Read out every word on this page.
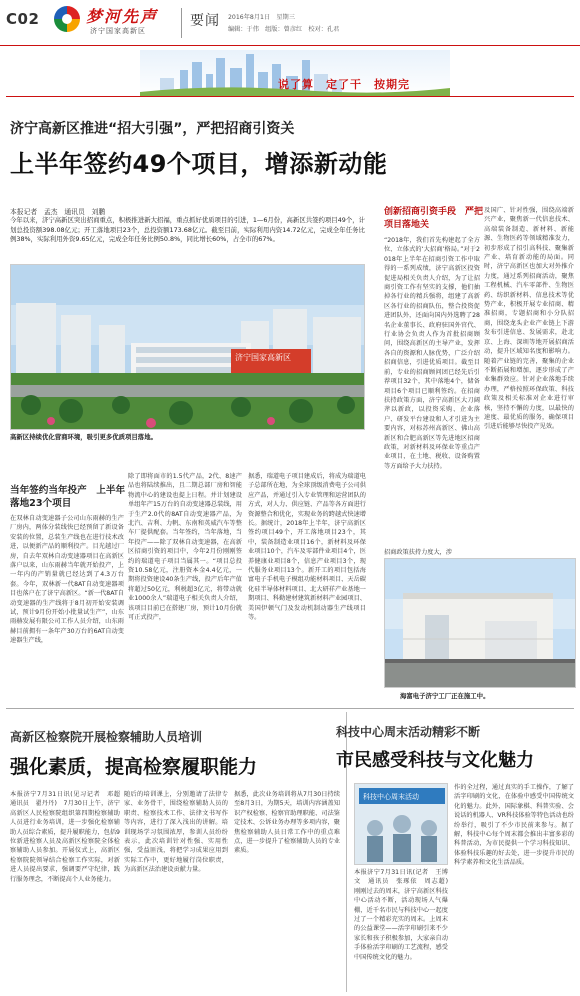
C02	梦河先声
济宁国家高新区
要闻 2016年8月1日　星期三
编辑：于伟　组版：曾彦红　校对：孔君
说了算　定了干　按期完
济宁高新区推进“招大引强”，严把招商引资关
上半年签约49个项目，增添新动能
本报记者　孟杰　通讯员　刘鹏
今年以来，济宁高新区突出招商重点，积极推进新大招福，重点抓好优质项目的引进，1—6月份，高新区共签约项目49个，计划总投资额398.08亿元；开工落地项目23个，总投资额173.68亿元。截至目前，实际利用内资14.72亿元，完成全年任务比例38%，实际利用外资9.65亿元，完成全年任务比例50.8%，同比增长60%，占全市的67%。
济宁国家高新区
高新区持续优化营商环境，吸引更多优质项目落地。
当年签约当年投产　上半年落地23个项目
在双林自动变速器子公司山东雨赫的生产厂房内，两体分装线快已经预留了新设备安装的位置，总装生产线也在进行技术改进，以便新产品的顺利投产。目光越过厂房，自去年双林自动变速器项目在高新区落户以来，山东雨赫当年就开始投产，上一年内的产销量就已经达到了4.3万台套。今年，双林新一代8AT自动变速器项目也落户在了济宁高新区。“新一代8AT自动变速器的生产线将于8月初开始安装调试，预计9月份开始小批量试生产”，山东雨赫发展有限公司工作人员介绍，山东雨赫目前拥有一条年产30万台的6AT自动变速器生产线，
除了即将面市的1.5代产品，2代、8速产品也将陆续推出，且二期总部厂房和智能物流中心的建设也提上日程。并计划建设单组年产15万台的自动变速器总装线，用于生产2.0代的8AT自动变速器产品，为北汽、吉利、力帆、东南和英威汽车等整车厂提供配套。当年签约，当年落地，当年投产——除了双林自动变速器，在高新区招商引资的项目中，今年2月份刚刚签约的瑞道电子项目当属其一。“项目总投资10.58亿元，注册资本金4.4亿元，一期将投资建设40条生产线，投产后年产值将超过50亿元，利税超3亿元，将带动就业1000余人”瑞道电子相关负责人介绍，该项目目前已在搭建厂房，预计10月份就可正式投产，
据悉，瑞道电子项目建成后，将成为瑞道电子总部所在地，为全球顶级消费电子公司供应产品，并通过引入专业管理和运营团队的方式，对人力、供应链、产品等各方面进行资源整合和优化，实现业务的跨越式快速增长。据统计，2018年上半年，济宁高新区签约项目49个，开工落地项目23个，其中，装备制造业项目16个，新材料及环保业项目10个，汽车及零部件业项目4个，医养健康业项目8个，信息产业项目3个，现代服务业项目13个。新开工的项目包括海富电子手机电子模组功能材料项目、天岳碳化硅半导体材料项目、北大研祥产业基地一期项目、科勤建材建筑新材料产业园项目、美国伊顿气门及发动机制动器生产线项目等。
创新招商引资手段　严把项目落地关
“2018年，我们首先构建起了全方位、立体式的‘大招商’格局。”对于2018年上半年在招商引资工作中取得的一系列成绩，济宁高新区投资促进局相关负责人介绍，为了让招商引资工作有坚实的支撑，他们抽掉各行业的精兵强将，组建了高新区各行业的招商队伍，整合投资促进团队外，还面向国内外选聘了28名企业董事长、政府驻国外官代、行业协会负责人作为首批招商顾问，围绕高新区的主导产业，发挥各自的资源和人脉优势，广泛介绍招商信息，引进优质项目。截至目前，专业的招商顾问团已经先后引荐项目32个，其中落地4个，储备项目6个项目已顺利签约。在招商扶持政策方面，济宁高新区大刀阔斧以新政，以投资采购、企业落户、研发平台建设和人才引进为主要内容，对标苏州高新区、佛山高新区和合肥高新区等先进地区招商政策，对新材料及环保业等重点产业项目，在土地、税收、设备购置等方面给予大力扶持。
及国广、针对性强，围绕高端新兴产业，聚焦新一代信息技术、高端装备制造、新材料、新能源、生物医药等领域精准发力，初步形成了招引高科技、聚集新产业、培育新动能的局面。同时，济宁高新区也加大对外推介力度，通过系列招商活动，聚焦工程机械、汽车零部件、生物医药、纺织新材料、信息技术等优势产业，积极开展专业招商、精准招商，专题招商和小分队招商，围绕龙头企业产业链上下游发布引进信息、发展需求，赴北京、上海、深圳等地开展招商活动，提升区域知名度和影响力。随着产业链的完善，聚集的企业不断拓展和增加，逐步形成了产业集群效应。针对企业落地手续办理，严格按照环保政策、科技政策及相关标准对企业进行审核，坚持不懈的力度，以最快的速度、最优质的服务，确保项目引进后能够尽快投产见效。
招商政策扶持力度大，涉
海富电子济宁工厂正在施工中。
高新区检察院开展检察辅助人员培训
强化素质，提高检察履职能力
本报济宁7月31日讯(见习记者　邓超　通讯员　翟丹丹)　7月30日上午，济宁高新区人民检察院组织第四期检察辅助人员进行业务培训，进一步强化检察辅助人员综合素质，提升履职能力，包括9位新进检察人员及高新区检察院全体检察辅助人员参加。开展仪式上，高新区检察院院领导结合检察工作实际，对新进人员提出要求，强调要严守纪律，践行服务理念，不断提高个人业务能力。
随后的培训课上，分别邀请了法律专家、业务骨干，围绕检察辅助人员的职责、检察技术工作、法律文书写作等内容，进行了深入浅出的讲解。培训现场学习氛围浓厚，参训人员纷纷表示，此次培训针对性强、实用性强，受益匪浅，将把学习成果应用到实际工作中，更好地履行岗位职责，为高新区法治建设贡献力量。
据悉，此次业务培训将从7月30日持续至8月3日，为期5天，培训内容涵盖知识产权检察、检察官助理职能、司法鉴定技术、公诉业务办理等多项内容，聚焦检察辅助人员日常工作中的重点难点，进一步提升了检察辅助人员的专业素质。
科技中心周末活动精彩不断
市民感受科技与文化魅力
科技中心周末活动
本报济宁7月31日讯(记者　王博文　通讯员　张琢依　周志超)　刚刚过去的周末，济宁高新区科技中心活动不断，活动现场人气爆棚，近千名市民与科技中心一起度过了一个精彩充实的周末。上周末的公益课堂——活字印刷引来不少家长和孩子积极参加，大家亲自动手体验活字印刷的工艺流程，感受中国传统文化的魅力。
作的全过程，通过真实的手工操作，了解了活字印刷的文化，在体验中感受中国传统文化的魅力。此外，国际象棋、科普实验、会说话的机器人、VR科技体验等特色活动也纷纷举行，吸引了不少市民前来参与。据了解，科技中心每个周末都会推出丰富多彩的科普活动，为市民提供一个学习科技知识、体验科技乐趣的好去处，进一步提升市民的科学素养和文化生活品质。
